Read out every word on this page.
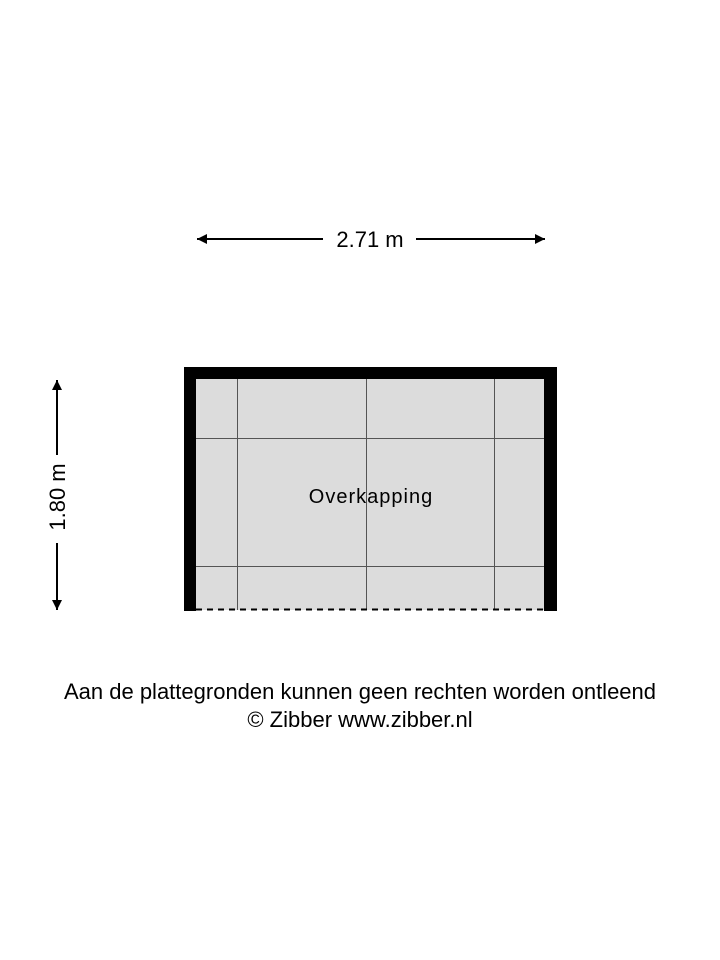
2.71 m
1.80 m	Overkapping
Aan de plattegronden kunnen geen rechten worden ontleend
© Zibber www.zibber.nl
